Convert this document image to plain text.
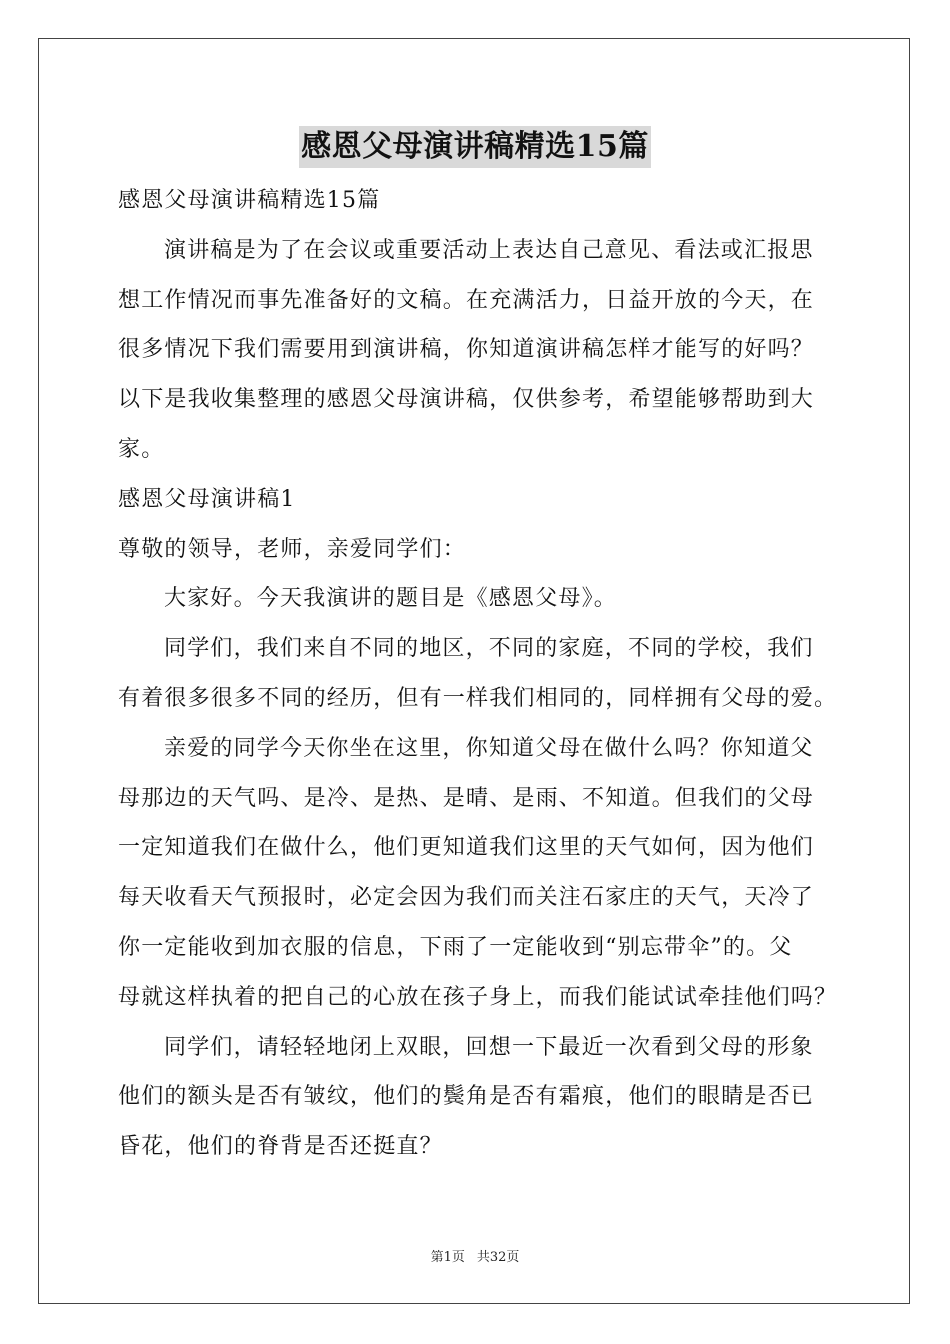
感恩父母演讲稿精选15篇
感恩父母演讲稿精选15篇
演讲稿是为了在会议或重要活动上表达自己意见、看法或汇报思
想工作情况而事先准备好的文稿。在充满活力，日益开放的今天，在
很多情况下我们需要用到演讲稿，你知道演讲稿怎样才能写的好吗？
以下是我收集整理的感恩父母演讲稿，仅供参考，希望能够帮助到大
家。
感恩父母演讲稿1
尊敬的领导，老师，亲爱同学们：
大家好。今天我演讲的题目是《感恩父母》。
同学们，我们来自不同的地区，不同的家庭，不同的学校，我们
有着很多很多不同的经历，但有一样我们相同的，同样拥有父母的爱。
亲爱的同学今天你坐在这里，你知道父母在做什么吗？你知道父
母那边的天气吗、是冷、是热、是晴、是雨、不知道。但我们的父母
一定知道我们在做什么，他们更知道我们这里的天气如何，因为他们
每天收看天气预报时，必定会因为我们而关注石家庄的天气，天冷了
你一定能收到加衣服的信息，下雨了一定能收到“别忘带伞”的。父
母就这样执着的把自己的心放在孩子身上，而我们能试试牵挂他们吗？
同学们，请轻轻地闭上双眼，回想一下最近一次看到父母的形象
他们的额头是否有皱纹，他们的鬓角是否有霜痕，他们的眼睛是否已
昏花，他们的脊背是否还挺直？
第1页 共32页
